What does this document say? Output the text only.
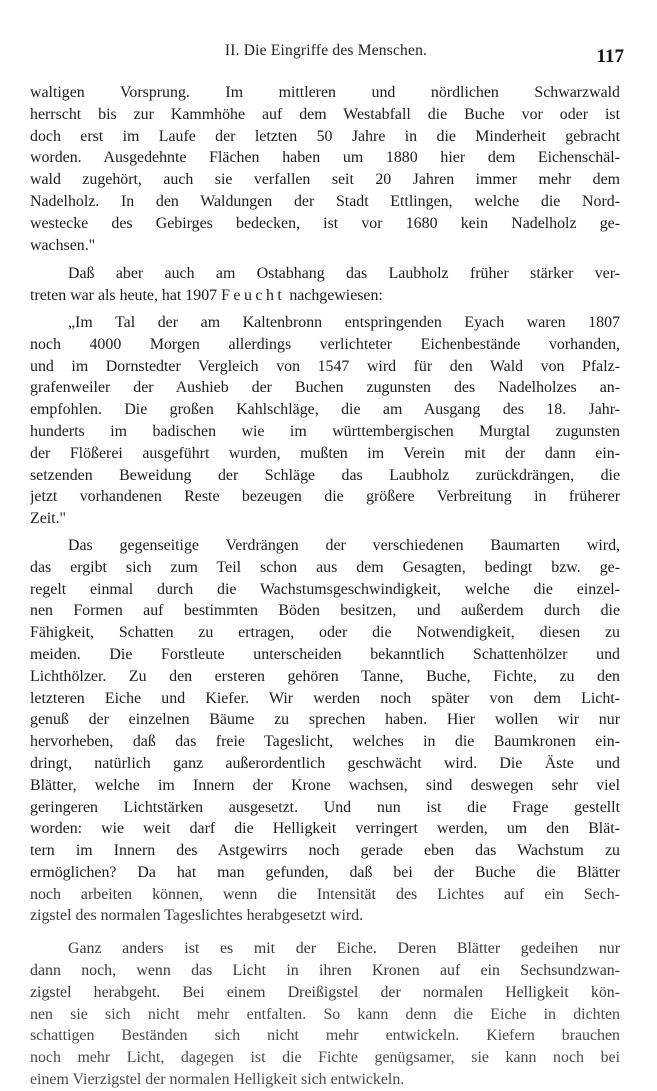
II. Die Eingriffe des Menschen.	117
waltigen Vorsprung. Im mittleren und nördlichen Schwarzwald
herrscht bis zur Kammhöhe auf dem Westabfall die Buche vor oder ist
doch erst im Laufe der letzten 50 Jahre in die Minderheit gebracht
worden. Ausgedehnte Flächen haben um 1880 hier dem Eichenschäl-
wald zugehört, auch sie verfallen seit 20 Jahren immer mehr dem
Nadelholz. In den Waldungen der Stadt Ettlingen, welche die Nord-
westecke des Gebirges bedecken, ist vor 1680 kein Nadelholz ge-
wachsen."
Daß aber auch am Ostabhang das Laubholz früher stärker ver-
treten war als heute, hat 1907 Feucht nachgewiesen:
„Im Tal der am Kaltenbronn entspringenden Eyach waren 1807
noch 4000 Morgen allerdings verlichteter Eichenbestände vorhanden,
und im Dornstedter Vergleich von 1547 wird für den Wald von Pfalz-
grafenweiler der Aushieb der Buchen zugunsten des Nadelholzes an-
empfohlen. Die großen Kahlschläge, die am Ausgang des 18. Jahr-
hunderts im badischen wie im württembergischen Murgtal zugunsten
der Flößerei ausgeführt wurden, mußten im Verein mit der dann ein-
setzenden Beweidung der Schläge das Laubholz zurückdrängen, die
jetzt vorhandenen Reste bezeugen die größere Verbreitung in früherer
Zeit."
Das gegenseitige Verdrängen der verschiedenen Baumarten wird,
das ergibt sich zum Teil schon aus dem Gesagten, bedingt bzw. ge-
regelt einmal durch die Wachstumsgeschwindigkeit, welche die einzel-
nen Formen auf bestimmten Böden besitzen, und außerdem durch die
Fähigkeit, Schatten zu ertragen, oder die Notwendigkeit, diesen zu
meiden. Die Forstleute unterscheiden bekanntlich Schattenhölzer und
Lichthölzer. Zu den ersteren gehören Tanne, Buche, Fichte, zu den
letzteren Eiche und Kiefer. Wir werden noch später von dem Licht-
genuß der einzelnen Bäume zu sprechen haben. Hier wollen wir nur
hervorheben, daß das freie Tageslicht, welches in die Baumkronen ein-
dringt, natürlich ganz außerordentlich geschwächt wird. Die Äste und
Blätter, welche im Innern der Krone wachsen, sind deswegen sehr viel
geringeren Lichtstärken ausgesetzt. Und nun ist die Frage gestellt
worden: wie weit darf die Helligkeit verringert werden, um den Blät-
tern im Innern des Astgewirrs noch gerade eben das Wachstum zu
ermöglichen? Da hat man gefunden, daß bei der Buche die Blätter
noch arbeiten können, wenn die Intensität des Lichtes auf ein Sech-
zigstel des normalen Tageslichtes herabgesetzt wird.
Ganz anders ist es mit der Eiche. Deren Blätter gedeihen nur
dann noch, wenn das Licht in ihren Kronen auf ein Sechsundzwan-
zigstel herabgeht. Bei einem Dreißigstel der normalen Helligkeit kön-
nen sie sich nicht mehr entfalten. So kann denn die Eiche in dichten
schattigen Beständen sich nicht mehr entwickeln. Kiefern brauchen
noch mehr Licht, dagegen ist die Fichte genügsamer, sie kann noch bei
einem Vierzigstel der normalen Helligkeit sich entwickeln.
